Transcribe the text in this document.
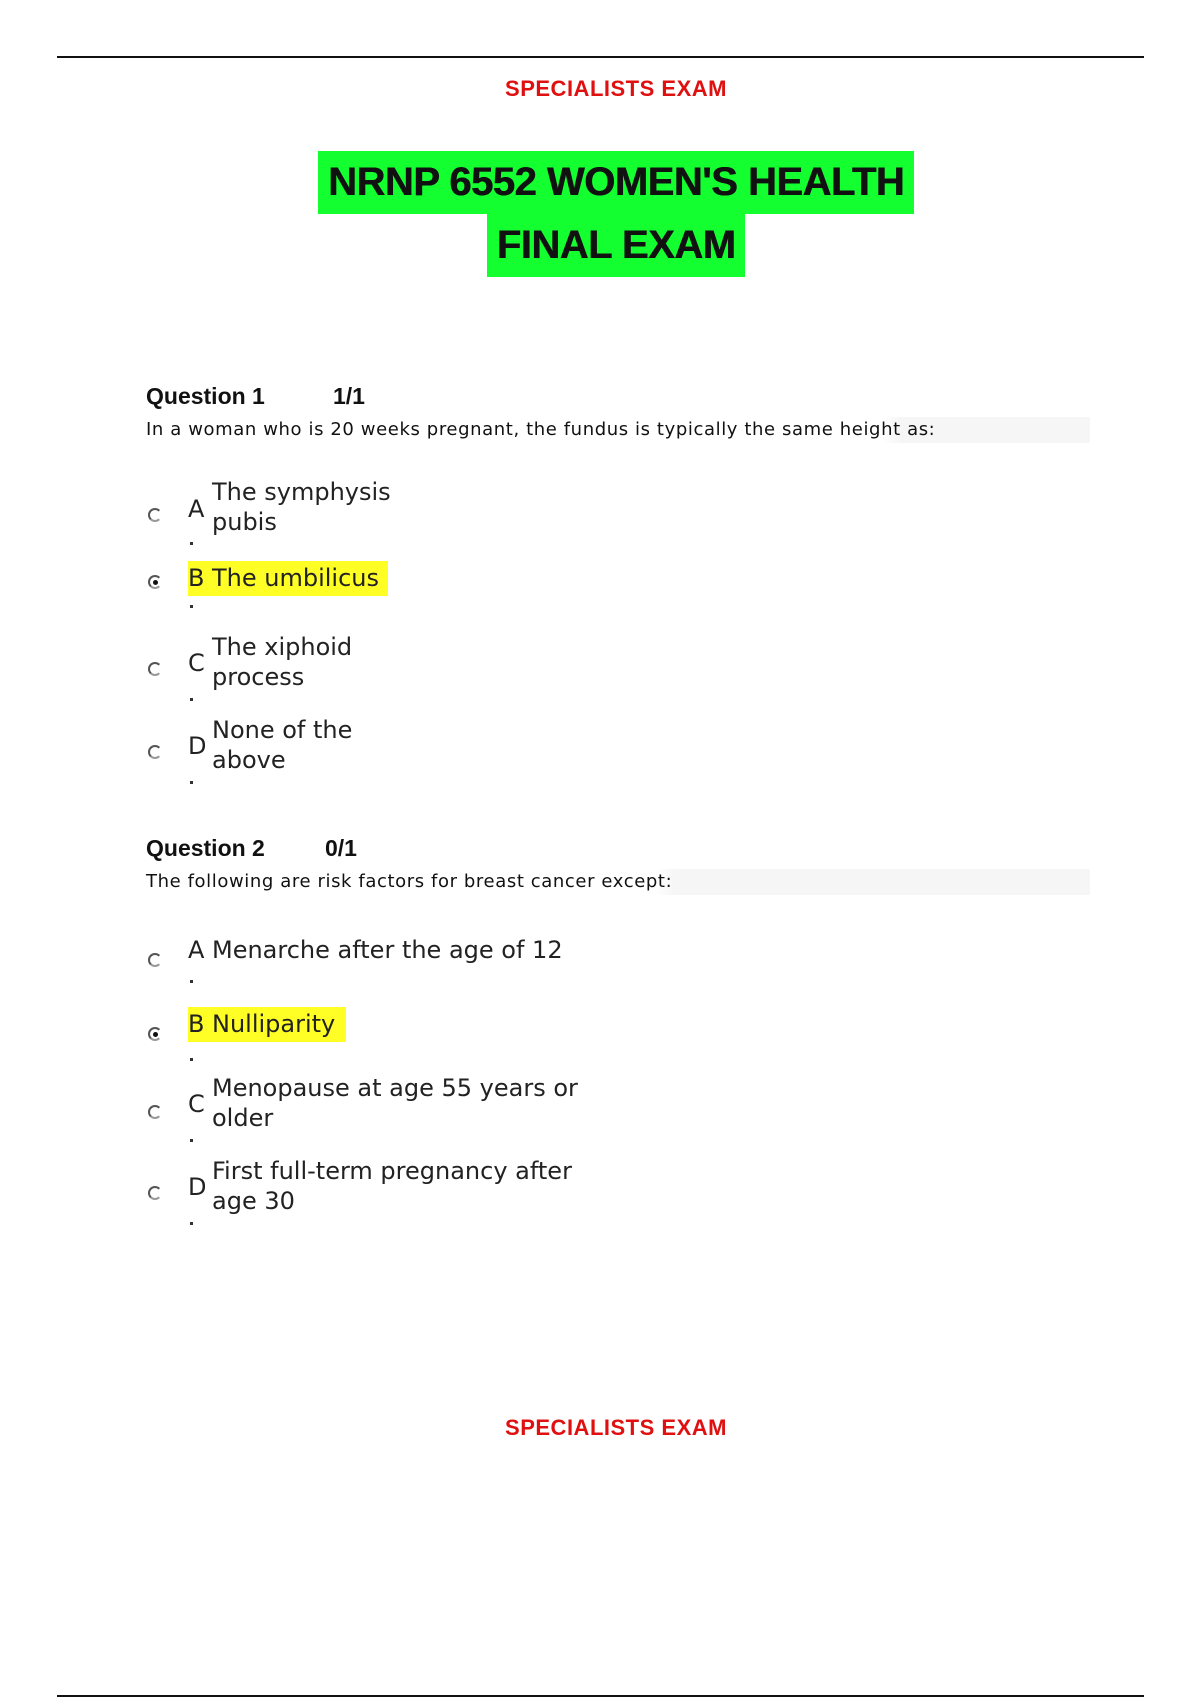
SPECIALISTS EXAM
NRNP 6552 WOMEN'S HEALTH
FINAL EXAM
Question 1	1/1
In a woman who is 20 weeks pregnant, the fundus is typically the same height as:
A
The symphysis pubis
B The umbilicus
C
The xiphoid process
D
None of the above
Question 2	0/1
The following are risk factors for breast cancer except:
A Menarche after the age of 12
B Nulliparity
C
Menopause at age 55 years or older
D
First full-term pregnancy after age 30
SPECIALISTS EXAM
